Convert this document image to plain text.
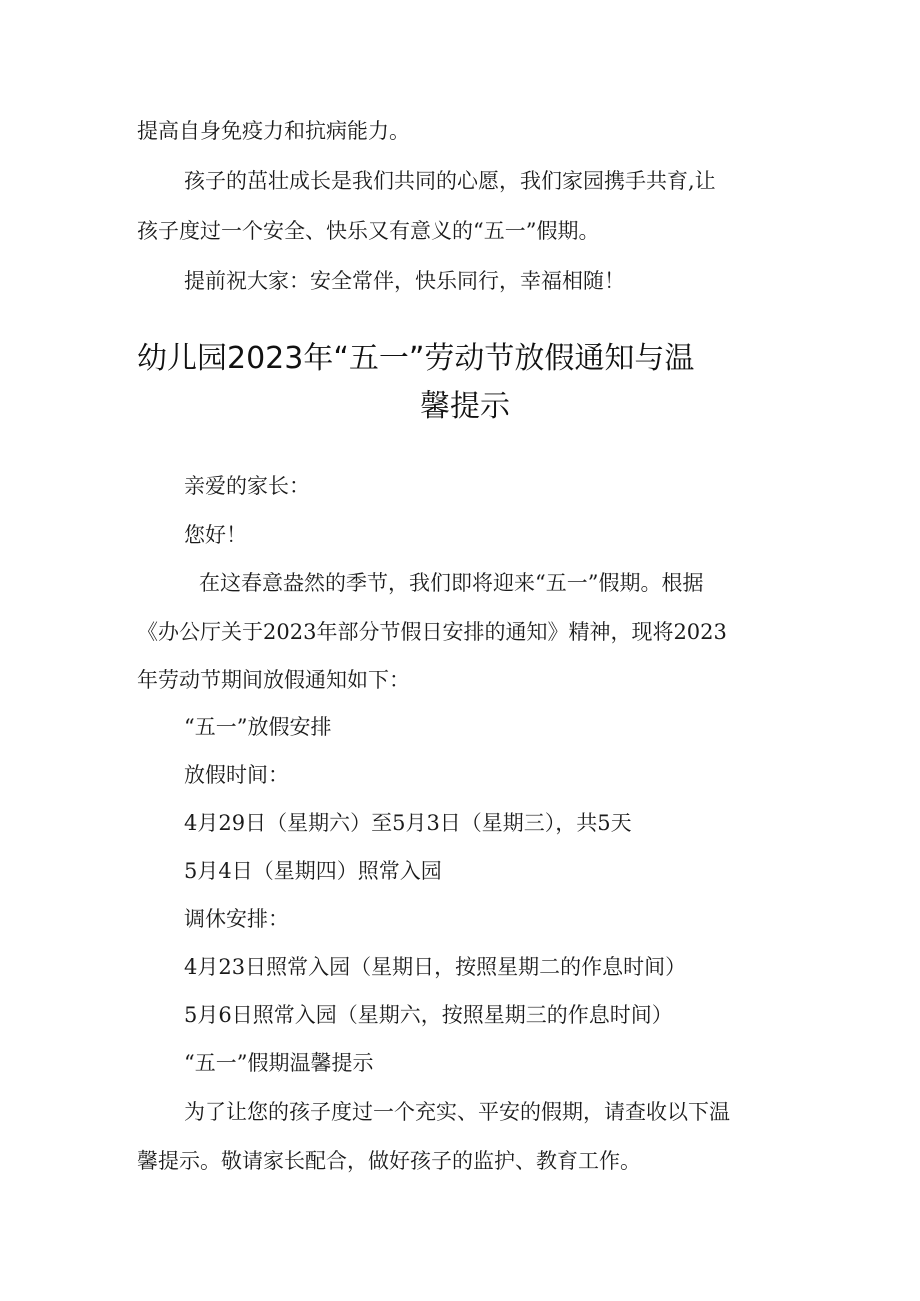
提高自身免疫力和抗病能力。
孩子的茁壮成长是我们共同的心愿，我们家园携手共育,让
孩子度过一个安全、快乐又有意义的“五一”假期。
提前祝大家：安全常伴，快乐同行，幸福相随！
幼儿园2023年“五一”劳动节放假通知与温
馨提示
亲爱的家长：
您好！
在这春意盎然的季节，我们即将迎来“五一”假期。根据
《办公厅关于2023年部分节假日安排的通知》精神，现将2023
年劳动节期间放假通知如下：
“五一”放假安排
放假时间：
4月29日（星期六）至5月3日（星期三），共5天
5月4日（星期四）照常入园
调休安排：
4月23日照常入园（星期日，按照星期二的作息时间）
5月6日照常入园（星期六，按照星期三的作息时间）
“五一”假期温馨提示
为了让您的孩子度过一个充实、平安的假期，请查收以下温
馨提示。敬请家长配合，做好孩子的监护、教育工作。
